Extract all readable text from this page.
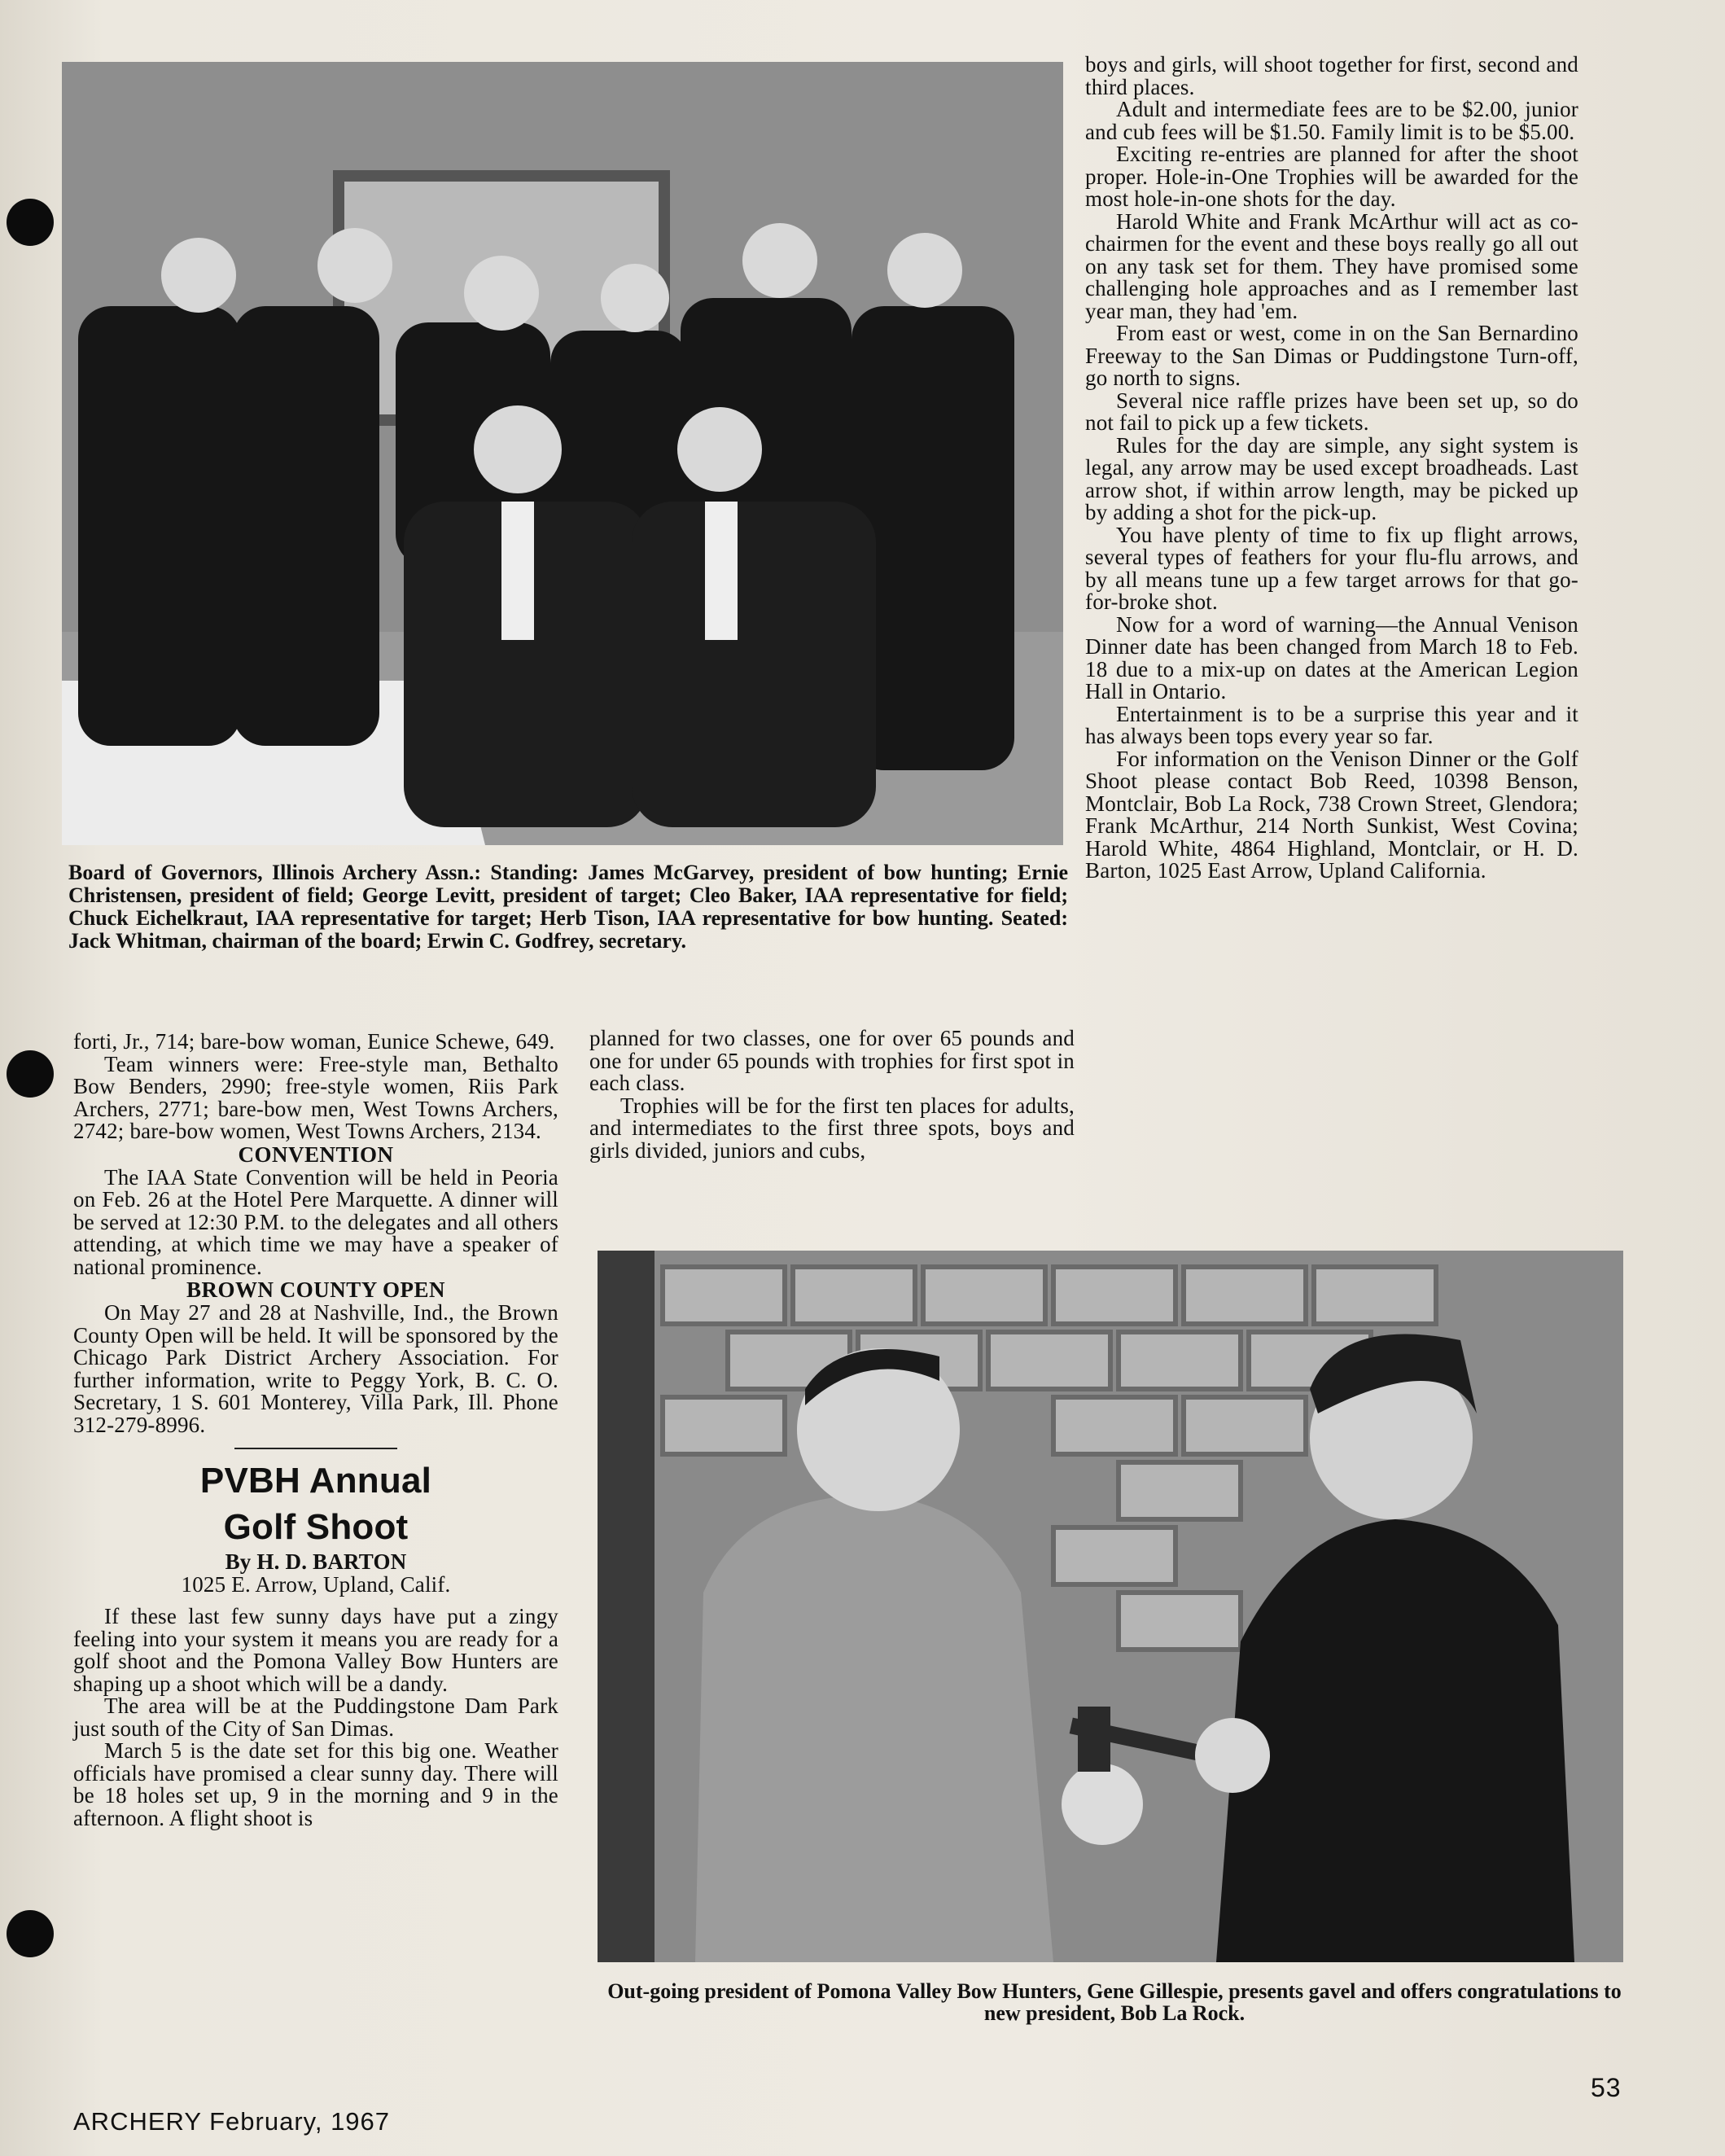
boys and girls, will shoot together for first, second and third places.

Adult and intermediate fees are to be $2.00, junior and cub fees will be $1.50. Family limit is to be $5.00.

Exciting re-entries are planned for after the shoot proper. Hole-in-One Trophies will be awarded for the most hole-in-one shots for the day.

Harold White and Frank McArthur will act as co-chairmen for the event and these boys really go all out on any task set for them. They have promised some challenging hole approaches and as I remember last year man, they had 'em.

From east or west, come in on the San Bernardino Freeway to the San Dimas or Puddingstone Turn-off, go north to signs.

Several nice raffle prizes have been set up, so do not fail to pick up a few tickets.

Rules for the day are simple, any sight system is legal, any arrow may be used except broadheads. Last arrow shot, if within arrow length, may be picked up by adding a shot for the pick-up.

You have plenty of time to fix up flight arrows, several types of feathers for your flu-flu arrows, and by all means tune up a few target arrows for that go-for-broke shot.

Now for a word of warning—the Annual Venison Dinner date has been changed from March 18 to Feb. 18 due to a mix-up on dates at the American Legion Hall in Ontario.

Entertainment is to be a surprise this year and it has always been tops every year so far.

For information on the Venison Dinner or the Golf Shoot please contact Bob Reed, 10398 Benson, Montclair, Bob La Rock, 738 Crown Street, Glendora; Frank McArthur, 214 North Sunkist, West Covina; Harold White, 4864 Highland, Montclair, or H. D. Barton, 1025 East Arrow, Upland California.

Board of Governors, Illinois Archery Assn.: Standing: James McGarvey, president of bow hunting; Ernie Christensen, president of field; George Levitt, president of target; Cleo Baker, IAA representative for field; Chuck Eichelkraut, IAA representative for target; Herb Tison, IAA representative for bow hunting. Seated: Jack Whitman, chairman of the board; Erwin C. Godfrey, secretary.

forti, Jr., 714; bare-bow woman, Eunice Schewe, 649.

Team winners were: Free-style man, Bethalto Bow Benders, 2990; free-style women, Riis Park Archers, 2771; bare-bow men, West Towns Archers, 2742; bare-bow women, West Towns Archers, 2134.

CONVENTION

The IAA State Convention will be held in Peoria on Feb. 26 at the Hotel Pere Marquette. A dinner will be served at 12:30 P.M. to the delegates and all others attending, at which time we may have a speaker of national prominence.

BROWN COUNTY OPEN

On May 27 and 28 at Nashville, Ind., the Brown County Open will be held. It will be sponsored by the Chicago Park District Archery Association. For further information, write to Peggy York, B. C. O. Secretary, 1 S. 601 Monterey, Villa Park, Ill. Phone 312-279-8996.

PVBH Annual
Golf Shoot
By H. D. BARTON
1025 E. Arrow, Upland, Calif.

If these last few sunny days have put a zingy feeling into your system it means you are ready for a golf shoot and the Pomona Valley Bow Hunters are shaping up a shoot which will be a dandy.

The area will be at the Puddingstone Dam Park just south of the City of San Dimas.

March 5 is the date set for this big one. Weather officials have promised a clear sunny day. There will be 18 holes set up, 9 in the morning and 9 in the afternoon. A flight shoot is

planned for two classes, one for over 65 pounds and one for under 65 pounds with trophies for first spot in each class.

Trophies will be for the first ten places for adults, and intermediates to the first three spots, boys and girls divided, juniors and cubs,

Out-going president of Pomona Valley Bow Hunters, Gene Gillespie, presents gavel and offers congratulations to new president, Bob La Rock.
ARCHERY February, 1967
53
